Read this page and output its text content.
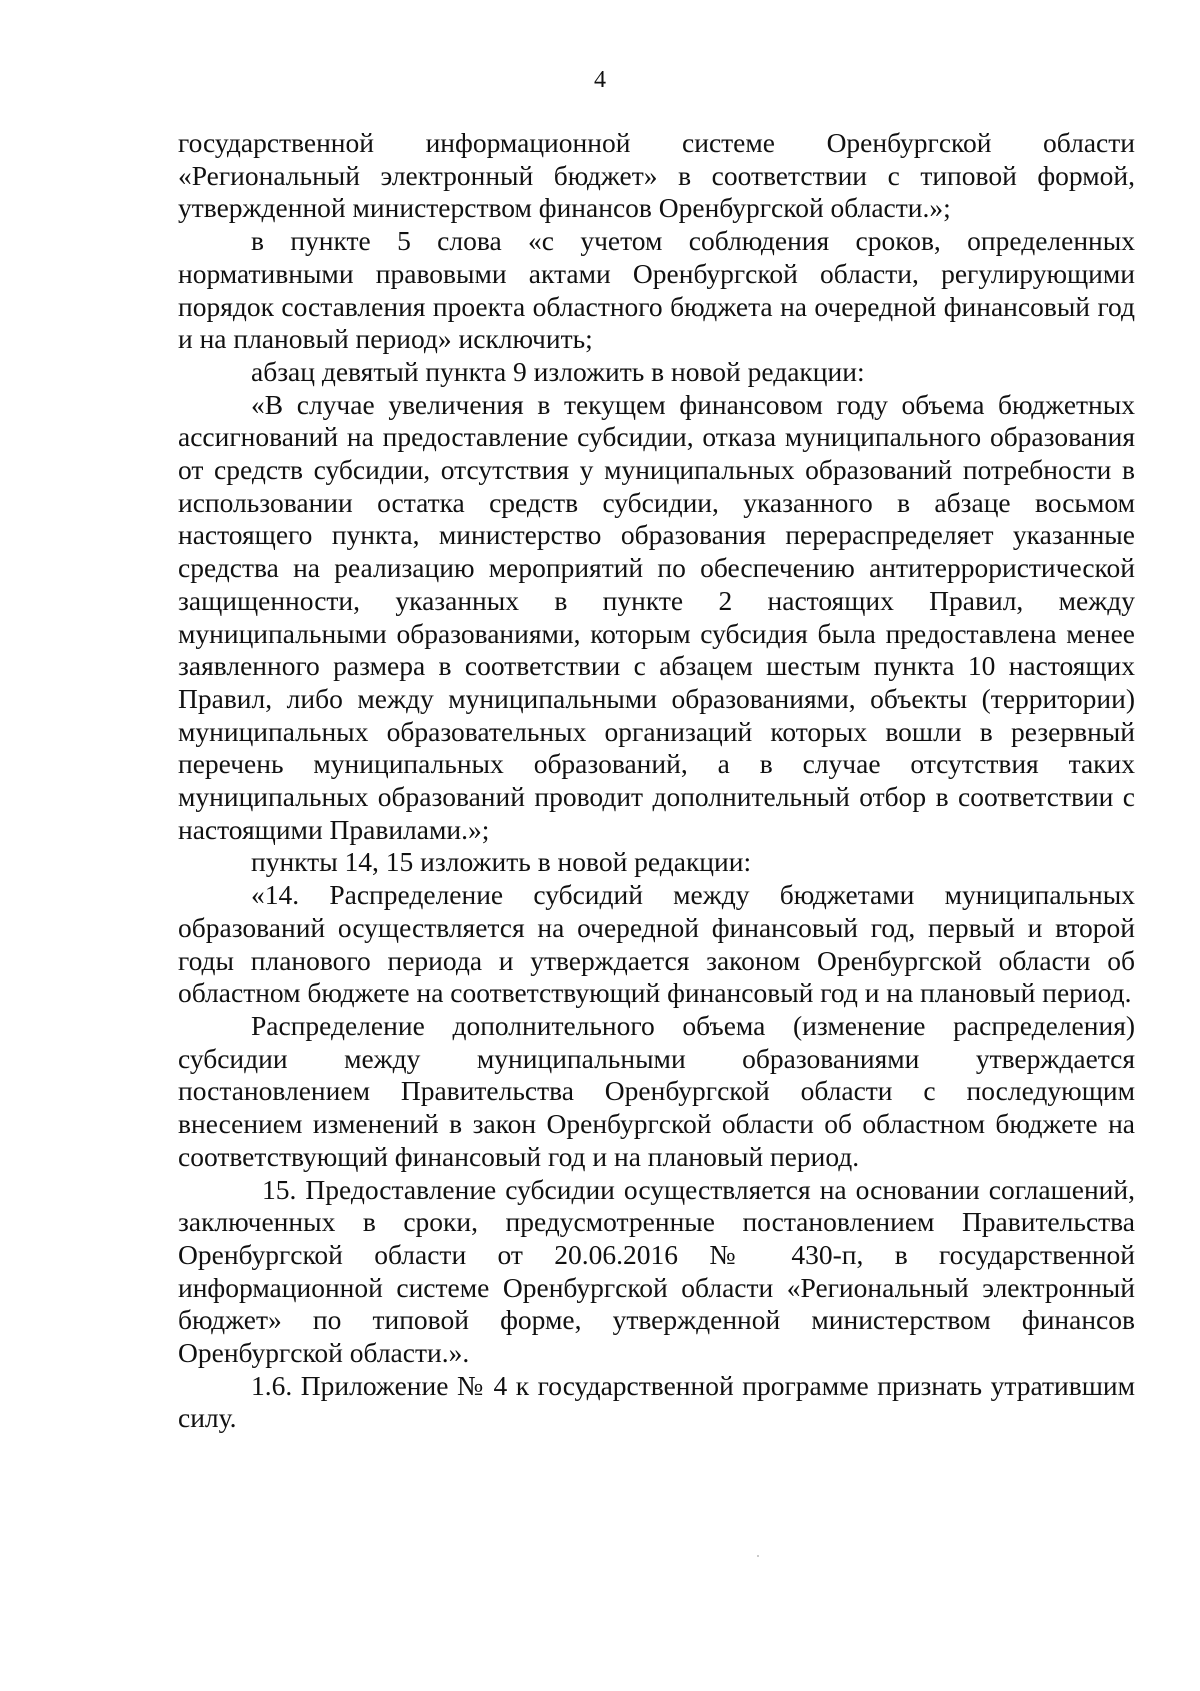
4

государственной информационной системе Оренбургской области «Региональный электронный бюджет» в соответствии с типовой формой, утвержденной министерством финансов Оренбургской области.»;

в пункте 5 слова «с учетом соблюдения сроков, определенных нормативными правовыми актами Оренбургской области, регулирующими порядок составления проекта областного бюджета на очередной финансовый год и на плановый период» исключить;

абзац девятый пункта 9 изложить в новой редакции:

«В случае увеличения в текущем финансовом году объема бюджетных ассигнований на предоставление субсидии, отказа муниципального образования от средств субсидии, отсутствия у муниципальных образований потребности в использовании остатка средств субсидии, указанного в абзаце восьмом настоящего пункта, министерство образования перераспределяет указанные средства на реализацию мероприятий по обеспечению антитеррористической защищенности, указанных в пункте 2 настоящих Правил, между муниципальными образованиями, которым субсидия была предоставлена менее заявленного размера в соответствии с абзацем шестым пункта 10 настоящих Правил, либо между муниципальными образованиями, объекты (территории) муниципальных образовательных организаций которых вошли в резервный перечень муниципальных образований, а в случае отсутствия таких муниципальных образований проводит дополнительный отбор в соответствии с настоящими Правилами.»;

пункты 14, 15 изложить в новой редакции:

«14. Распределение субсидий между бюджетами муниципальных образований осуществляется на очередной финансовый год, первый и второй годы планового периода и утверждается законом Оренбургской области об областном бюджете на соответствующий финансовый год и на плановый период.

Распределение дополнительного объема (изменение распределения) субсидии между муниципальными образованиями утверждается постановлением Правительства Оренбургской области с последующим внесением изменений в закон Оренбургской области об областном бюджете на соответствующий финансовый год и на плановый период.

15. Предоставление субсидии осуществляется на основании соглашений, заключенных в сроки, предусмотренные постановлением Правительства Оренбургской области от 20.06.2016 № 430-п, в государственной информационной системе Оренбургской области «Региональный электронный бюджет» по типовой форме, утвержденной министерством финансов Оренбургской области.».

1.6. Приложение № 4 к государственной программе признать утратившим силу.
